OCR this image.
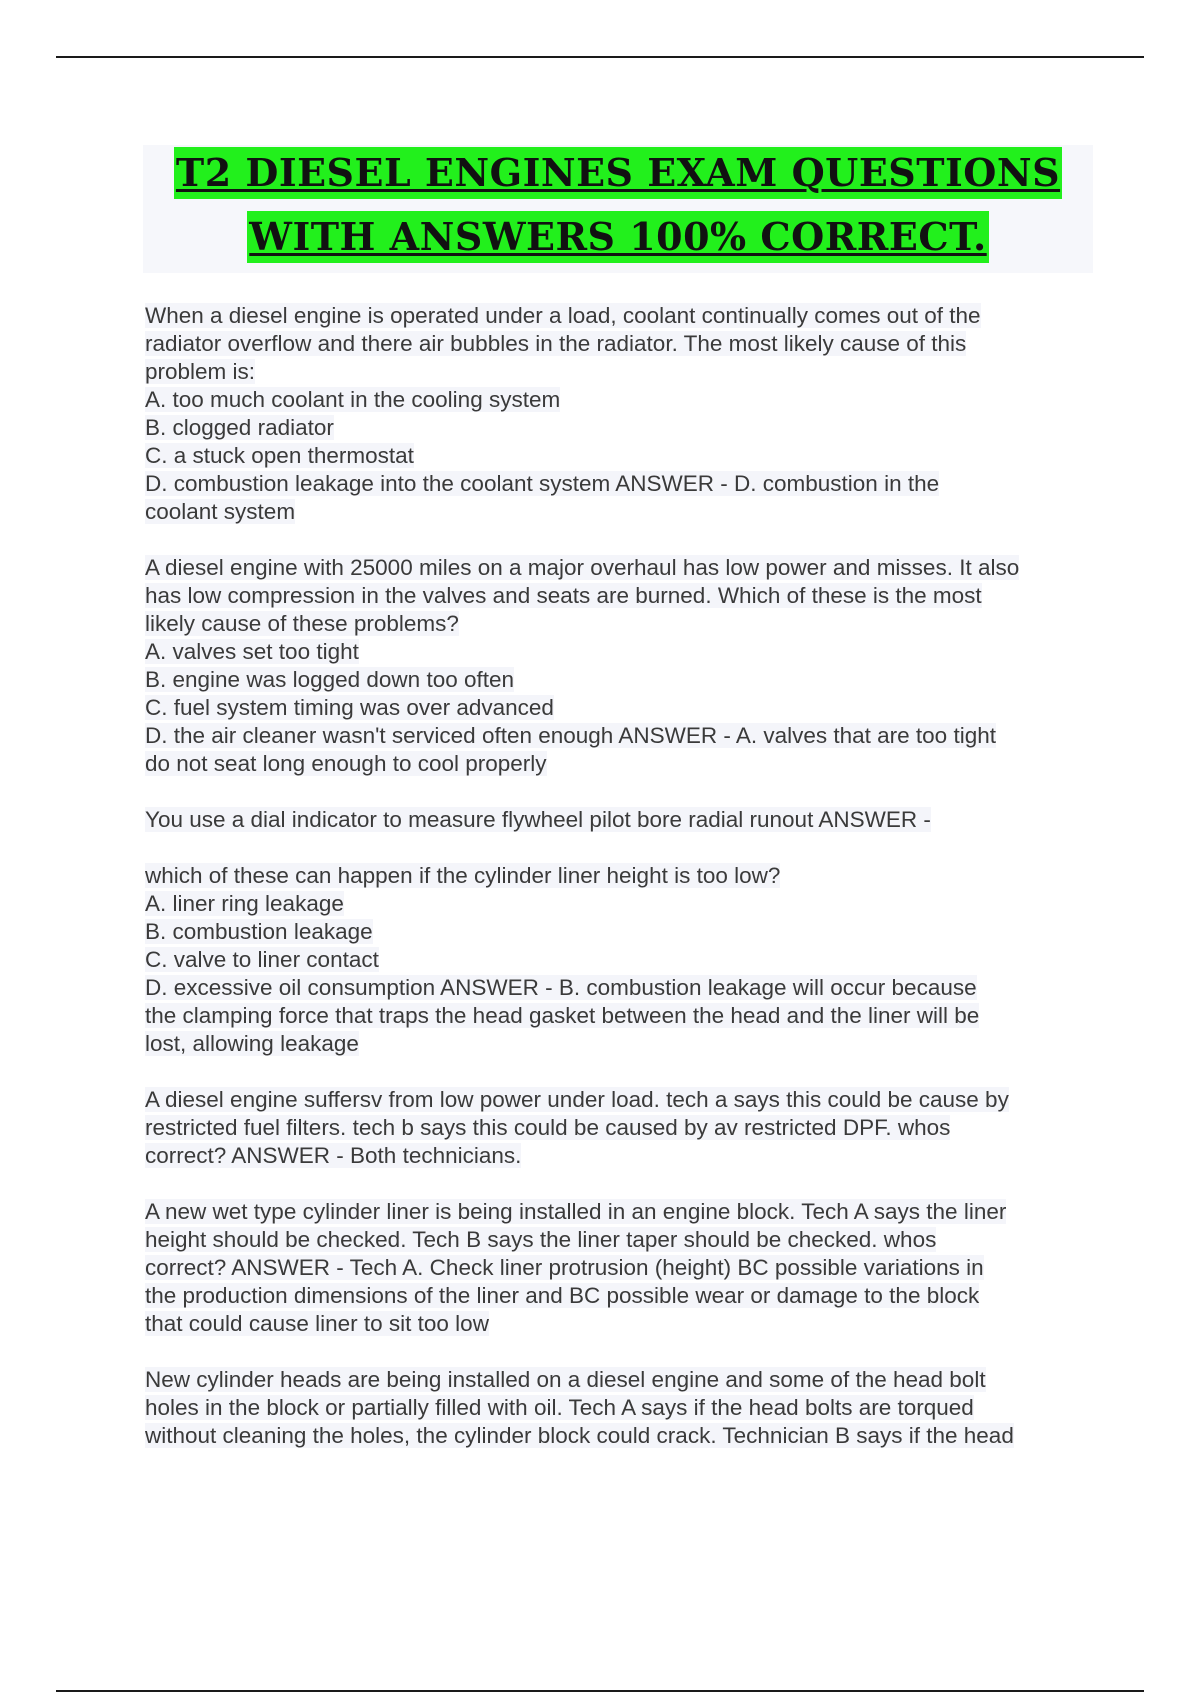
T2 DIESEL ENGINES EXAM QUESTIONS
WITH ANSWERS 100% CORRECT.
When a diesel engine is operated under a load, coolant continually comes out of the
radiator overflow and there air bubbles in the radiator. The most likely cause of this
problem is:
A. too much coolant in the cooling system
B. clogged radiator
C. a stuck open thermostat
D. combustion leakage into the coolant system ANSWER - D. combustion in the
coolant system
A diesel engine with 25000 miles on a major overhaul has low power and misses. It also
has low compression in the valves and seats are burned. Which of these is the most
likely cause of these problems?
A. valves set too tight
B. engine was logged down too often
C. fuel system timing was over advanced
D. the air cleaner wasn't serviced often enough ANSWER - A. valves that are too tight
do not seat long enough to cool properly
You use a dial indicator to measure flywheel pilot bore radial runout ANSWER -
which of these can happen if the cylinder liner height is too low?
A. liner ring leakage
B. combustion leakage
C. valve to liner contact
D. excessive oil consumption ANSWER - B. combustion leakage will occur because
the clamping force that traps the head gasket between the head and the liner will be
lost, allowing leakage
A diesel engine suffersv from low power under load. tech a says this could be cause by
restricted fuel filters. tech b says this could be caused by av restricted DPF. whos
correct? ANSWER - Both technicians.
A new wet type cylinder liner is being installed in an engine block. Tech A says the liner
height should be checked. Tech B says the liner taper should be checked. whos
correct? ANSWER - Tech A. Check liner protrusion (height) BC possible variations in
the production dimensions of the liner and BC possible wear or damage to the block
that could cause liner to sit too low
New cylinder heads are being installed on a diesel engine and some of the head bolt
holes in the block or partially filled with oil. Tech A says if the head bolts are torqued
without cleaning the holes, the cylinder block could crack. Technician B says if the head
